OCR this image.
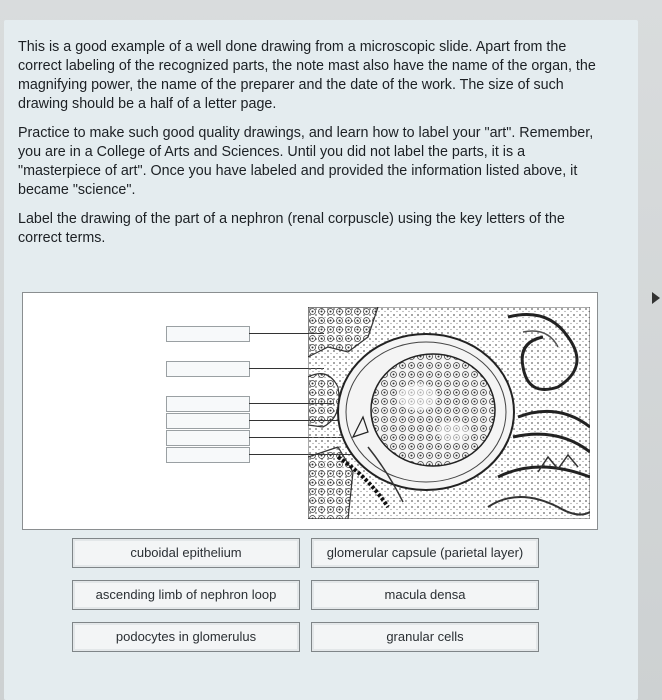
This is a good example of a well done drawing from a microscopic slide. Apart from the correct labeling of the recognized parts, the note mast also have the name of the organ, the magnifying power, the name of the preparer and the date of the work. The size of such drawing should be a half of a letter page.

Practice to make such good quality drawings, and learn how to label your "art". Remember, you are in a College of Arts and Sciences. Until you did not label the parts, it is a "masterpiece of art". Once you have labeled and provided the information listed above, it became "science".

Label the drawing of the part of a nephron (renal corpuscle) using the key letters of the correct terms.

·
cuboidal epithelium	glomerular capsule (parietal layer)
ascending limb of nephron loop	macula densa
podocytes in glomerulus	granular cells
